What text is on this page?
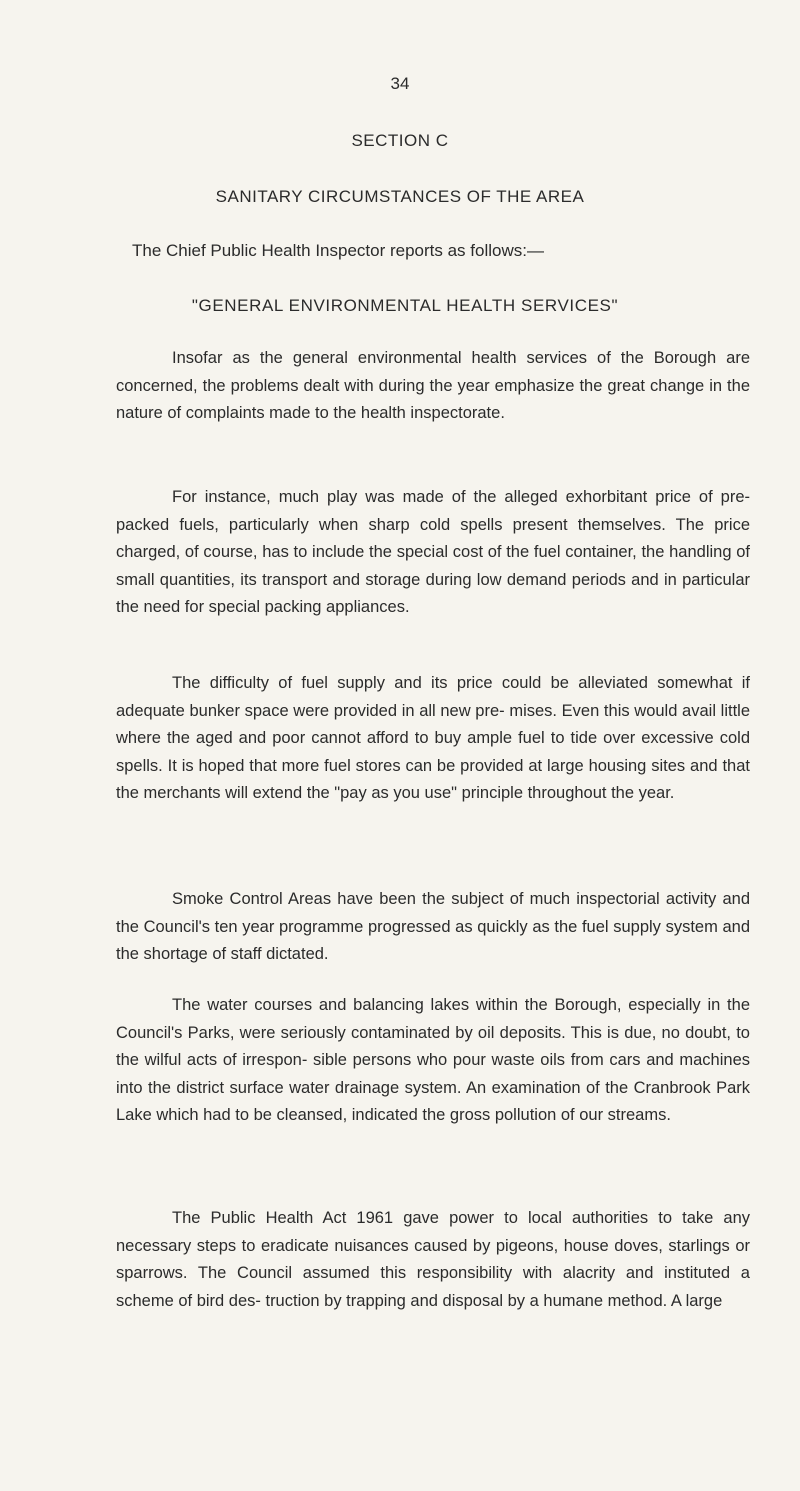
34
SECTION C
SANITARY CIRCUMSTANCES OF THE AREA
The Chief Public Health Inspector reports as follows:—
"GENERAL ENVIRONMENTAL HEALTH SERVICES"

Insofar as the general environmental health services of the Borough are concerned, the problems dealt with during the year emphasize the great change in the nature of complaints made to the health inspectorate.

For instance, much play was made of the alleged exhorbitant price of pre-packed fuels, particularly when sharp cold spells present themselves. The price charged, of course, has to include the special cost of the fuel container, the handling of small quantities, its transport and storage during low demand periods and in particular the need for special packing appliances.

The difficulty of fuel supply and its price could be alleviated somewhat if adequate bunker space were provided in all new pre- mises. Even this would avail little where the aged and poor cannot afford to buy ample fuel to tide over excessive cold spells. It is hoped that more fuel stores can be provided at large housing sites and that the merchants will extend the "pay as you use" principle throughout the year.

Smoke Control Areas have been the subject of much inspectorial activity and the Council's ten year programme progressed as quickly as the fuel supply system and the shortage of staff dictated.

The water courses and balancing lakes within the Borough, especially in the Council's Parks, were seriously contaminated by oil deposits. This is due, no doubt, to the wilful acts of irrespon- sible persons who pour waste oils from cars and machines into the district surface water drainage system. An examination of the Cranbrook Park Lake which had to be cleansed, indicated the gross pollution of our streams.

The Public Health Act 1961 gave power to local authorities to take any necessary steps to eradicate nuisances caused by pigeons, house doves, starlings or sparrows. The Council assumed this responsibility with alacrity and instituted a scheme of bird des- truction by trapping and disposal by a humane method. A large
